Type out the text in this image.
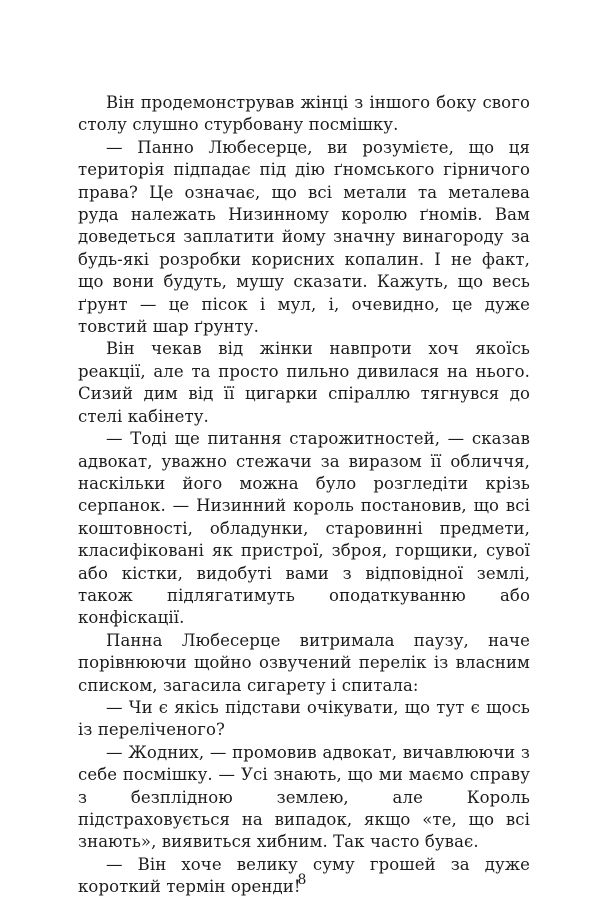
Він продемонстрував жінці з іншого боку свого столу слушно стурбовану посмішку.

— Панно Любесерце, ви розумієте, що ця територія підпадає під дію ґномського гірничого права? Це означає, що всі метали та металева руда належать Низинному королю ґномів. Вам доведеться заплатити йому значну винагороду за будь-які розробки корисних копалин. І не факт, що вони будуть, мушу сказати. Кажуть, що весь ґрунт — це пісок і мул, і, очевидно, це дуже товстий шар ґрунту.

Він чекав від жінки навпроти хоч якоїсь реакції, але та просто пильно дивилася на нього. Сизий дим від її цигарки спіраллю тягнувся до стелі кабінету.

— Тоді ще питання старожитностей, — сказав адвокат, уважно стежачи за виразом її обличчя, наскільки його можна було розгледіти крізь серпанок. — Низинний король постановив, що всі коштовності, обладунки, старовинні предмети, класифіковані як пристрої, зброя, горщики, сувої або кістки, видобуті вами з відповідної землі, також підлягатимуть оподаткуванню або конфіскації.

Панна Любесерце витримала паузу, наче порівнюючи щойно озвучений перелік із власним списком, загасила сигарету і спитала:

— Чи є якісь підстави очікувати, що тут є щось із переліченого?

— Жодних, — промовив адвокат, вичавлюючи з себе посмішку. — Усі знають, що ми маємо справу з безплідною землею, але Король підстраховується на випадок, якщо «те, що всі знають», виявиться хибним. Так часто буває.

— Він хоче велику суму грошей за дуже короткий термін оренди!

8
